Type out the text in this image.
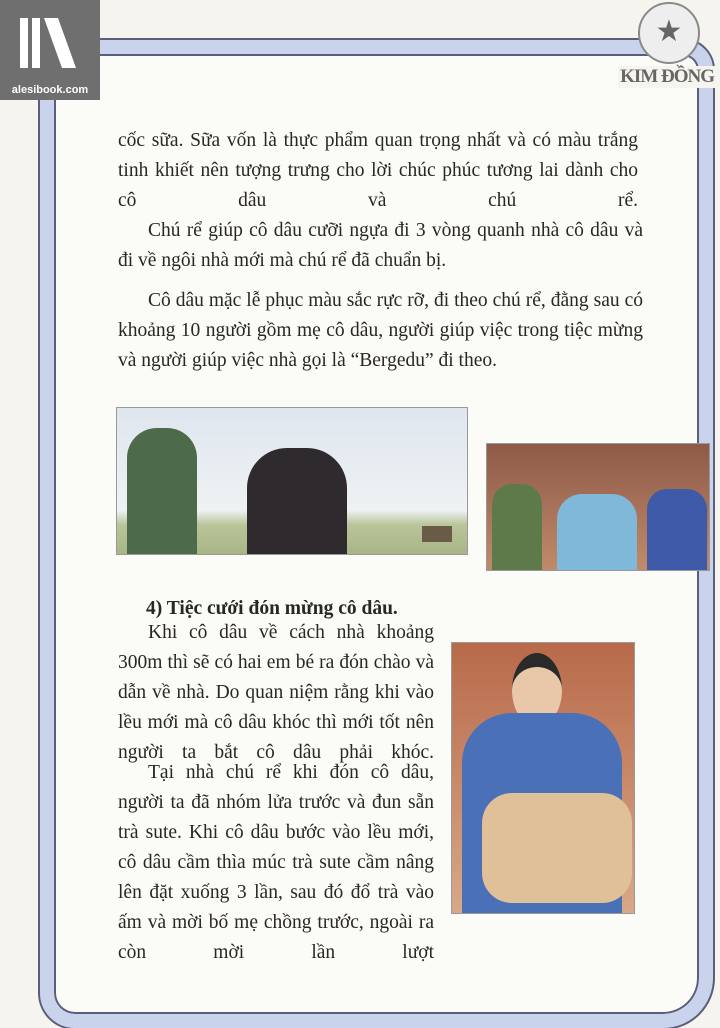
alesibook.com
★
KIM ĐỒNG

cốc sữa. Sữa vốn là thực phẩm quan trọng nhất và có màu trắng tinh khiết nên tượng trưng cho lời chúc phúc tương lai dành cho cô dâu và chú rể.

Chú rể giúp cô dâu cưỡi ngựa đi 3 vòng quanh nhà cô dâu và đi về ngôi nhà mới mà chú rể đã chuẩn bị.

Cô dâu mặc lễ phục màu sắc rực rỡ, đi theo chú rể, đằng sau có khoảng 10 người gồm mẹ cô dâu, người giúp việc trong tiệc mừng và người giúp việc nhà gọi là “Bergedu” đi theo.

4) Tiệc cưới đón mừng cô dâu.

Khi cô dâu về cách nhà khoảng 300m thì sẽ có hai em bé ra đón chào và dẫn về nhà. Do quan niệm rằng khi vào lều mới mà cô dâu khóc thì mới tốt nên người ta bắt cô dâu phải khóc.

Tại nhà chú rể khi đón cô dâu, người ta đã nhóm lửa trước và đun sẵn trà sute. Khi cô dâu bước vào lều mới, cô dâu cầm thìa múc trà sute cầm nâng lên đặt xuống 3 lần, sau đó đổ trà vào ấm và mời bố mẹ chồng trước, ngoài ra còn mời lần lượt
